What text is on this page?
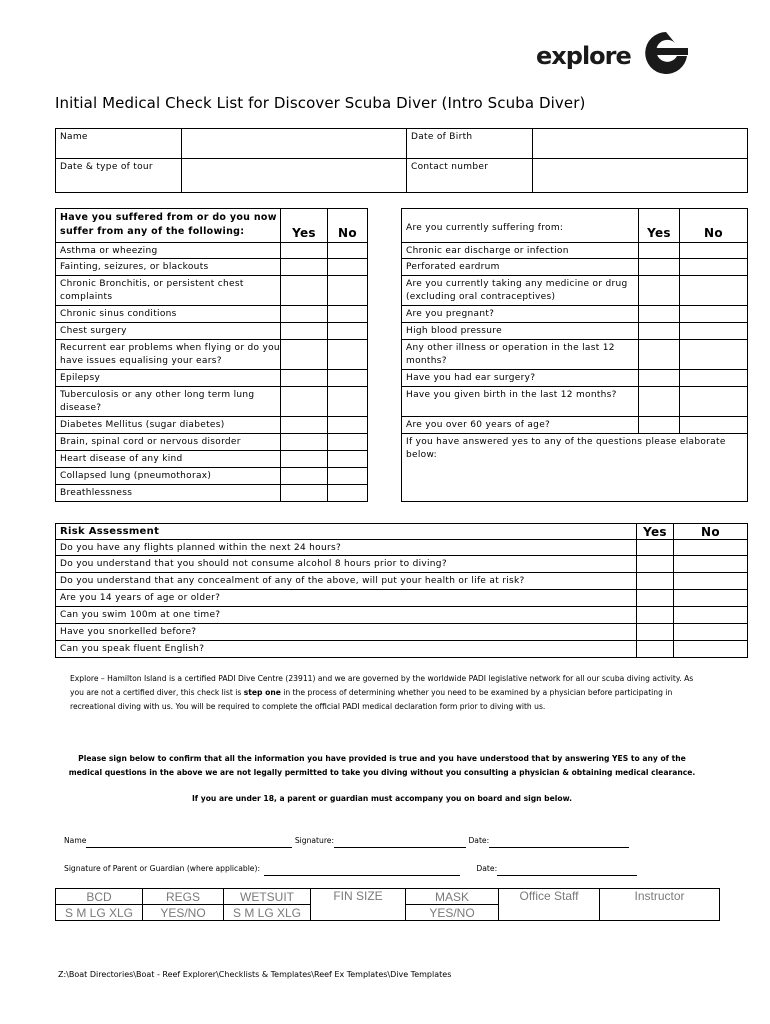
explore
Initial Medical Check List for Discover Scuba Diver (Intro Scuba Diver)
Name		Date of Birth	
Date & type of tour		Contact number	
Have you suffered from or do you now suffer from any of the following:	Yes	No
Asthma or wheezing		
Fainting, seizures, or blackouts		
Chronic Bronchitis, or persistent chest complaints		
Chronic sinus conditions		
Chest surgery		
Recurrent ear problems when flying or do you have issues equalising your ears?		
Epilepsy		
Tuberculosis or any other long term lung disease?		
Diabetes Mellitus (sugar diabetes)		
Brain, spinal cord or nervous disorder		
Heart disease of any kind		
Collapsed lung (pneumothorax)		
Breathlessness		
Are you currently suffering from:	Yes	No
Chronic ear discharge or infection		
Perforated eardrum		
Are you currently taking any medicine or drug (excluding oral contraceptives)		
Are you pregnant?		
High blood pressure		
Any other illness or operation in the last 12 months?		
Have you had ear surgery?		
Have you given birth in the last 12 months?		
Are you over 60 years of age?		
If you have answered yes to any of the questions please elaborate below:		
Risk Assessment	Yes	No
Do you have any flights planned within the next 24 hours?		
Do you understand that you should not consume alcohol 8 hours prior to diving?		
Do you understand that any concealment of any of the above, will put your health or life at risk?		
Are you 14 years of age or older?		
Can you swim 100m at one time?		
Have you snorkelled before?		
Can you speak fluent English?		
Explore – Hamilton Island is a certified PADI Dive Centre (23911) and we are governed by the worldwide PADI legislative network for all our scuba diving activity. As you are not a certified diver, this check list is step one in the process of determining whether you need to be examined by a physician before participating in recreational diving with us. You will be required to complete the official PADI medical declaration form prior to diving with us.
Please sign below to confirm that all the information you have provided is true and you have understood that by answering YES to any of the medical questions in the above we are not legally permitted to take you diving without you consulting a physician & obtaining medical clearance.
If you are under 18, a parent or guardian must accompany you on board and sign below.
Name	Signature:	Date:
Signature of Parent or Guardian (where applicable):	Date:
BCD	REGS	WETSUIT	FIN SIZE	MASK	Office Staff	Instructor
S M LG XLG	YES/NO	S M LG XLG		YES/NO		
Z:\Boat Directories\Boat - Reef Explorer\Checklists & Templates\Reef Ex Templates\Dive Templates
